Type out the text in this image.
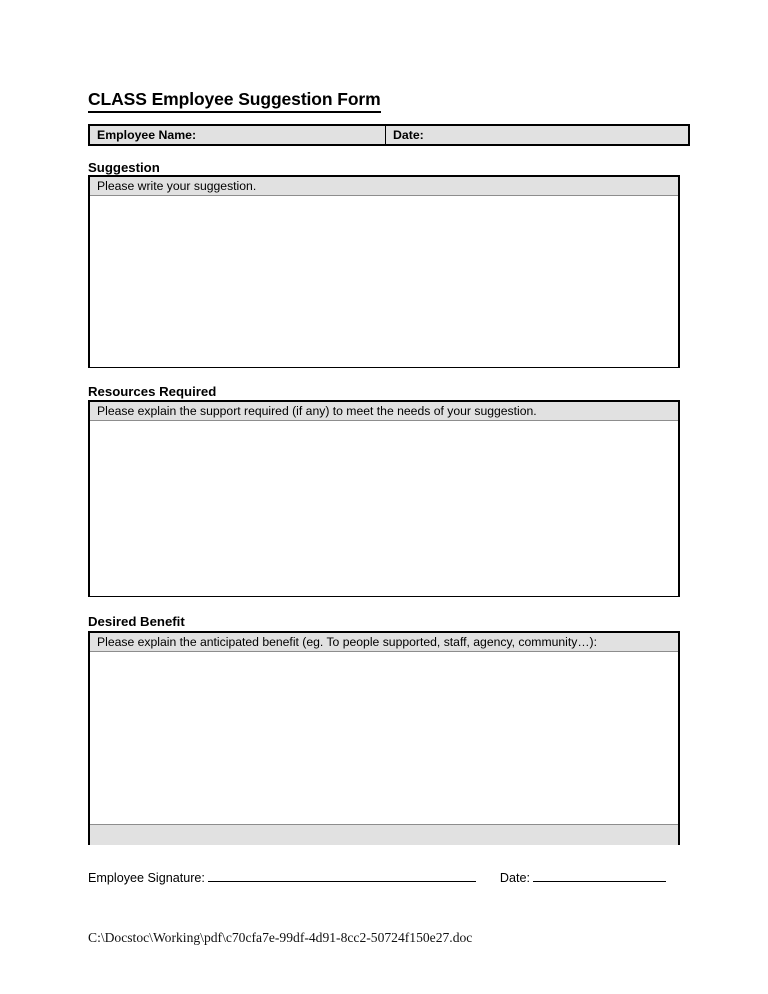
CLASS Employee Suggestion Form
Employee Name:	Date:
Suggestion
Please write your suggestion.
Resources Required
Please explain the support required (if any) to meet the needs of your suggestion.
Desired Benefit
Please explain the anticipated benefit (eg. To people supported, staff, agency, community…):
Employee Signature:	Date:
C:\Docstoc\Working\pdf\c70cfa7e-99df-4d91-8cc2-50724f150e27.doc
